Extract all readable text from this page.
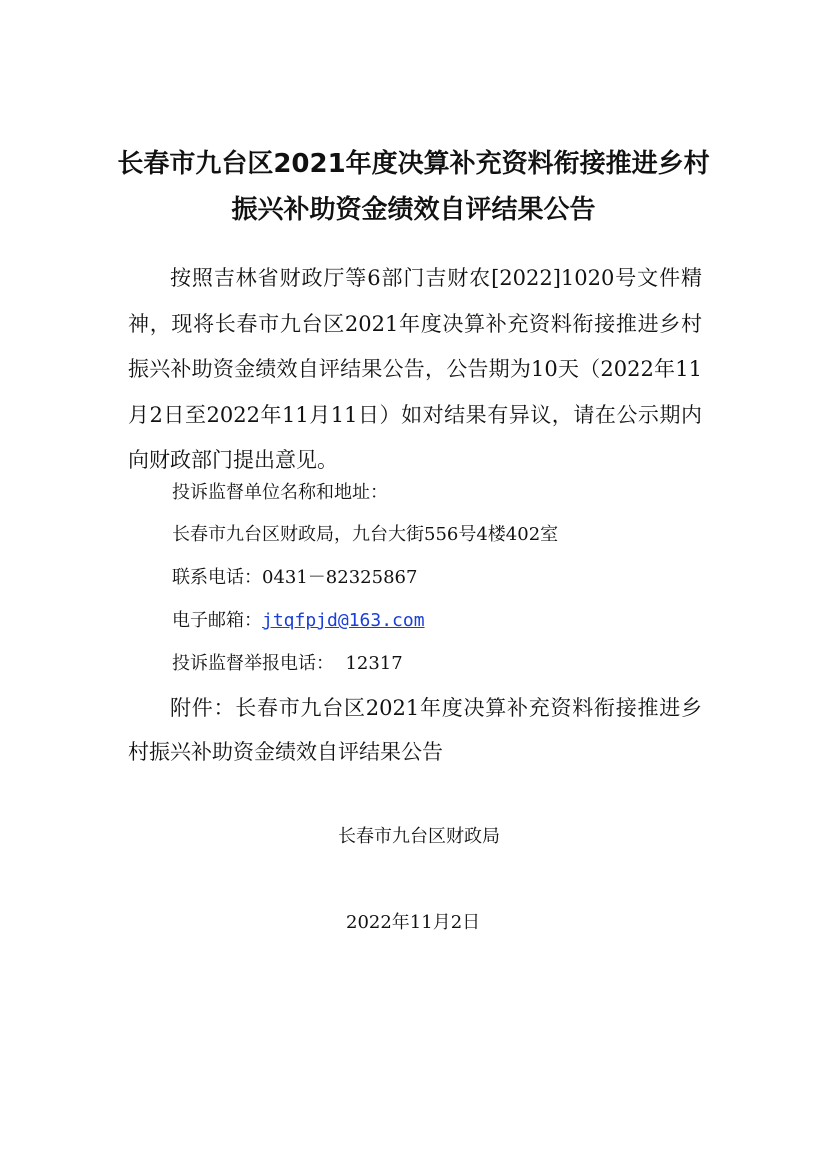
长春市九台区2021年度决算补充资料衔接推进乡村
振兴补助资金绩效自评结果公告

按照吉林省财政厅等6部门吉财农[2022]1020号文件精神，现将长春市九台区2021年度决算补充资料衔接推进乡村振兴补助资金绩效自评结果公告，公告期为10天（2022年11月2日至2022年11月11日）如对结果有异议，请在公示期内向财政部门提出意见。

投诉监督单位名称和地址：

长春市九台区财政局，九台大街556号4楼402室

联系电话：0431－82325867

电子邮箱：jtqfpjd@163.com

投诉监督举报电话： 12317

附件：长春市九台区2021年度决算补充资料衔接推进乡村振兴补助资金绩效自评结果公告

长春市九台区财政局

2022年11月2日
